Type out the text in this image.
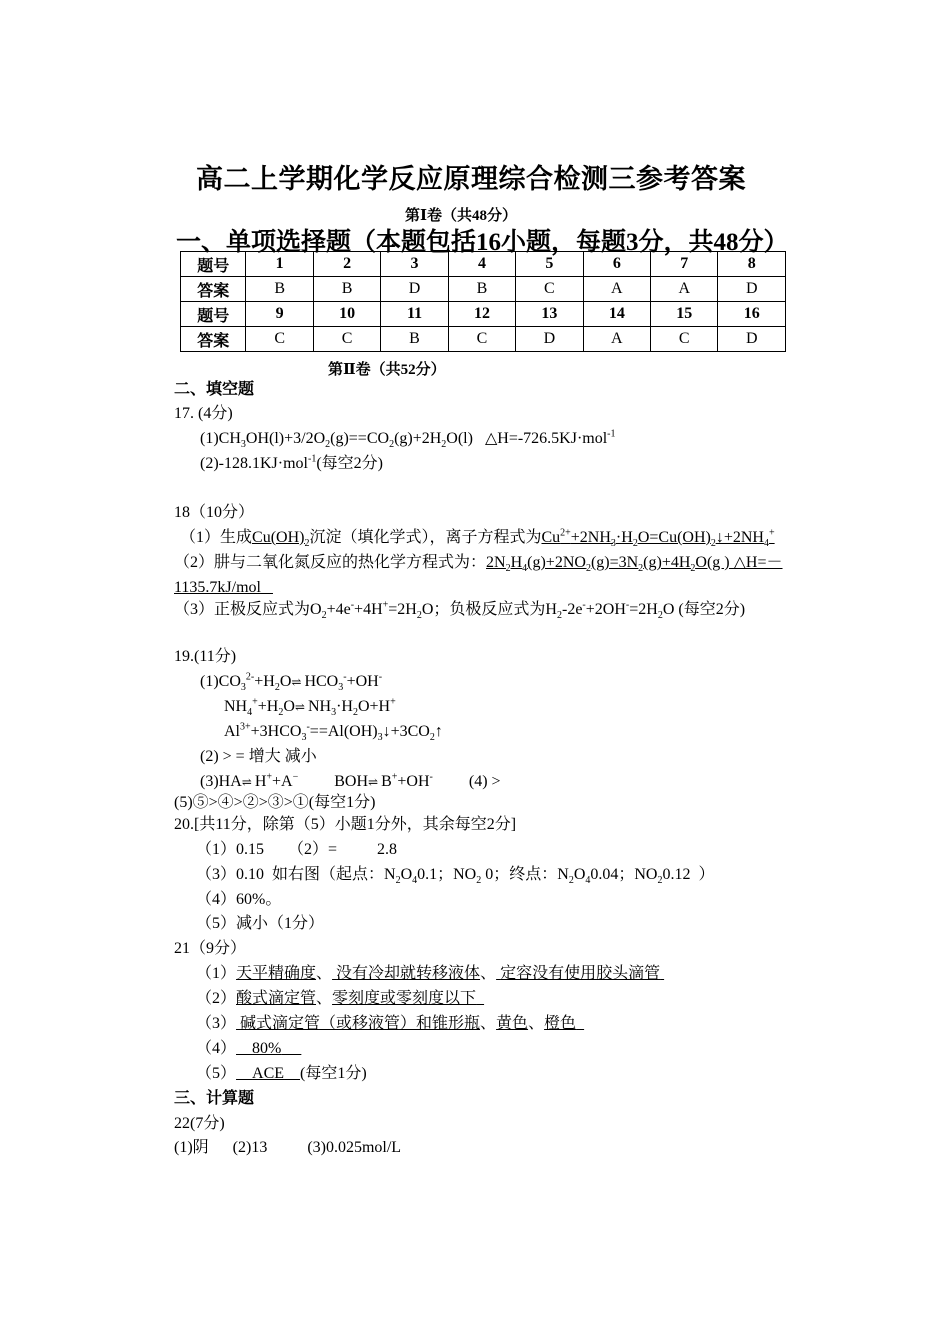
高二上学期化学反应原理综合检测三参考答案
第Ⅰ卷（共48分）
一、单项选择题（本题包括16小题，每题3分，共48分）
题号	1	2	3	4	5	6	7	8
答案	B	B	D	B	C	A	A	D
题号	9	10	11	12	13	14	15	16
答案	C	C	B	C	D	A	C	D
第Ⅱ卷（共52分）
二、填空题
17. (4分)
$(1)CH_3OH(l)+3/2O_2(g)==CO_2(g)+2H_2O(l)$   △H=-726.5KJ·mol$^{-1}$
(2)-128.1KJ·mol$^{-1}$(每空2分)
18（10分）
（1）生成$Cu(OH)_2$沉淀（填化学式），离子方程式为$Cu^{2+}+2NH_3\cdot H_2O=Cu(OH)_2↓+2NH_4^+$
（2）肼与二氧化氮反应的热化学方程式为：$2N_2H_4(g)+2NO_2(g)=3N_2(g)+4H_2O(g$ ) △H=－
1135.7kJ/mol
（3）正极反应式为$O_2+4e^-+4H^+=2H_2O$；负极反应式为$H_2-2e^-+2OH^-=2H_2O$ (每空2分)
19.(11分)
$(1)CO_3^{2-}+H_2O\rightleftharpoons$ $HCO_3^-+OH^-$
$NH_4^++H_2O\rightleftharpoons$ $NH_3\cdot H_2O+H^+$
$Al^{3+}+3HCO_3^-==Al(OH)_3↓+3CO_2↑$
(2) > = 增大 减小
(3)HA⇌ H++A−         BOH⇌ B++OH- (4) >
(5)⑤>④>②>③>①(每空1分)
20.[共11分，除第（5）小题1分外，其余每空2分]
（1）0.15      （2）=          2.8
（3）0.10  如右图（起点：$N_2O_40.1$；$NO_2$ 0；终点：$N_2O_40.04$；$NO_20.12$  ）
（4）60%。
（5）减小（1分）
21（9分）
（1）天平精确度、 没有冷却就转移液体、 定容没有使用胶头滴管
（2）酸式滴定管、零刻度或零刻度以下
（3） 碱式滴定管（或移液管）和锥形瓶、黄色、橙色
（4） 80%
（5） ACE (每空1分)
三、计算题
22(7分)
(1)阴      (2)13          (3)0.025mol/L
